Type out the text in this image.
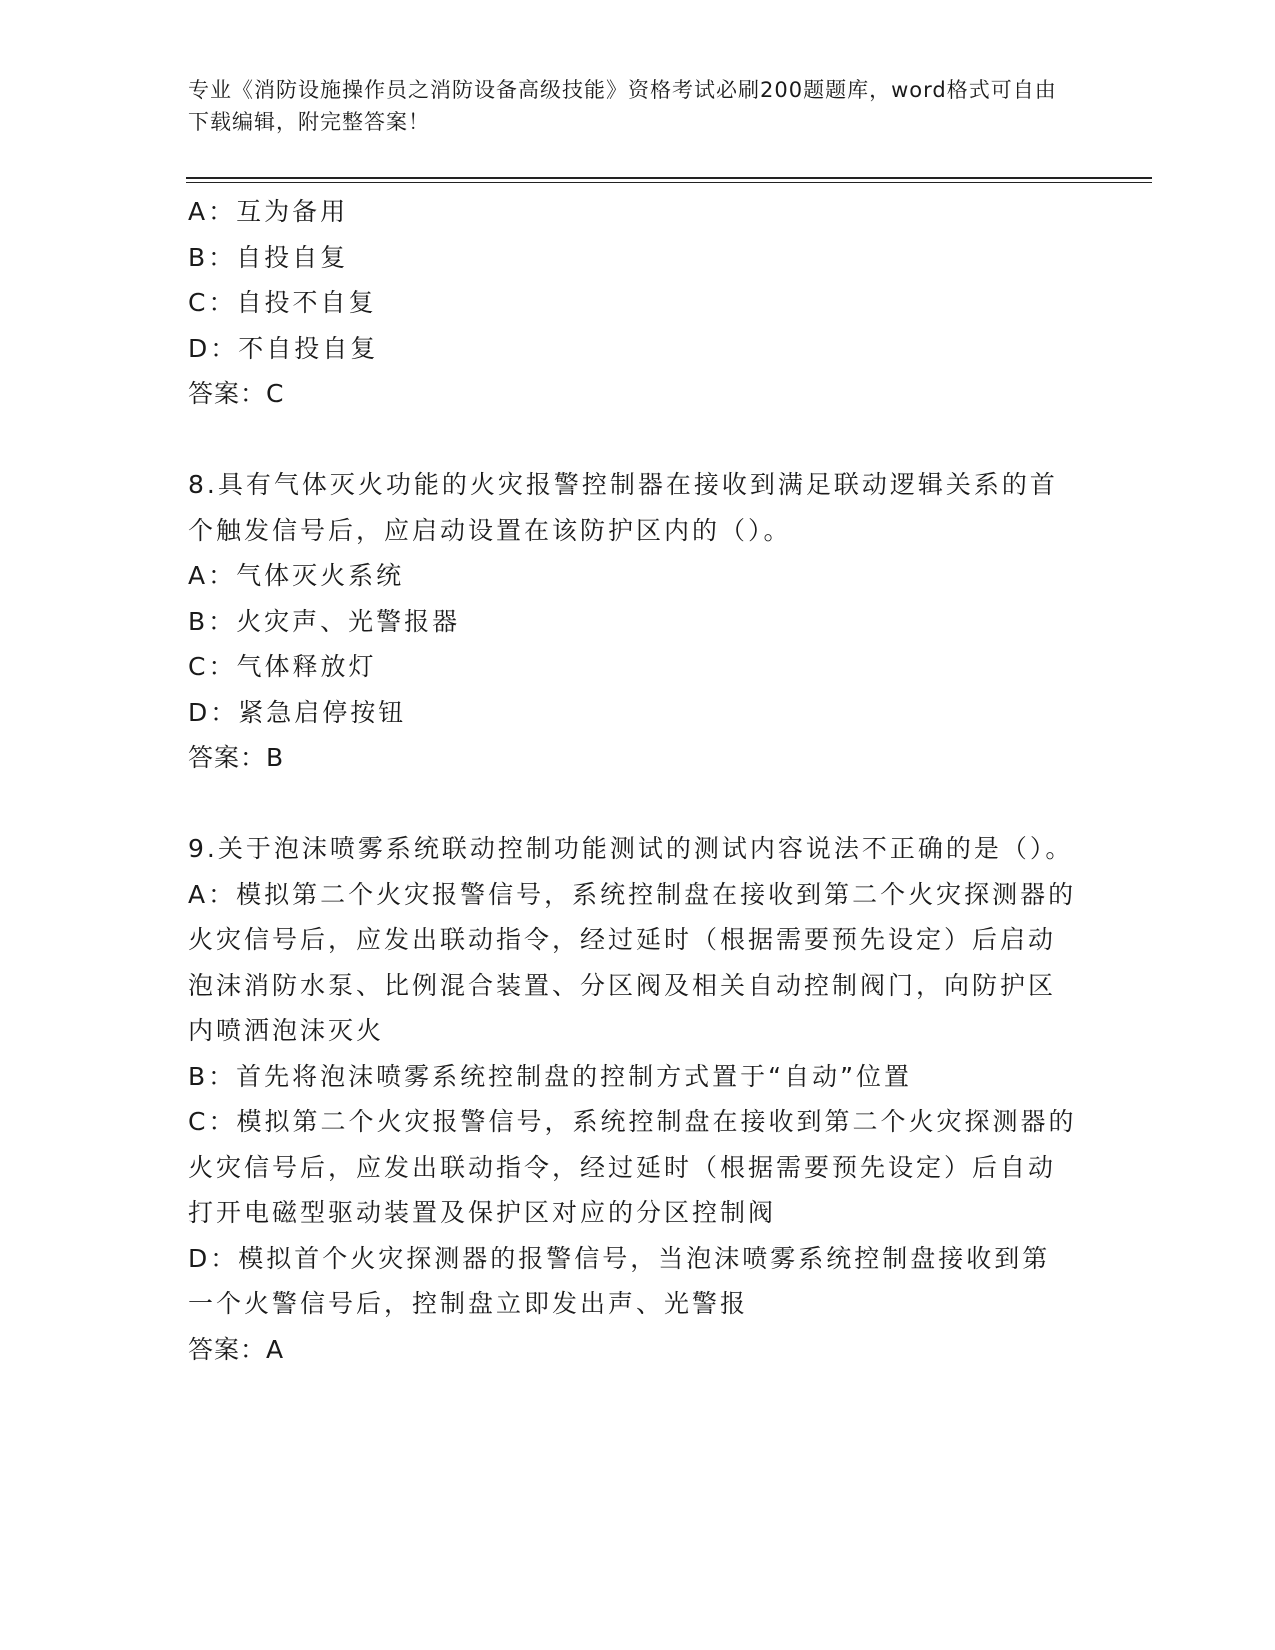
专业《消防设施操作员之消防设备高级技能》资格考试必刷200题题库，word格式可自由下载编辑，附完整答案！
A：互为备用
B：自投自复
C：自投不自复
D：不自投自复
答案：C
8.具有气体灭火功能的火灾报警控制器在接收到满足联动逻辑关系的首个触发信号后，应启动设置在该防护区内的（）。
A：气体灭火系统
B：火灾声、光警报器
C：气体释放灯
D：紧急启停按钮
答案：B
9.关于泡沫喷雾系统联动控制功能测试的测试内容说法不正确的是（）。
A：模拟第二个火灾报警信号，系统控制盘在接收到第二个火灾探测器的火灾信号后，应发出联动指令，经过延时（根据需要预先设定）后启动泡沫消防水泵、比例混合装置、分区阀及相关自动控制阀门，向防护区内喷洒泡沫灭火
B：首先将泡沫喷雾系统控制盘的控制方式置于“自动”位置
C：模拟第二个火灾报警信号，系统控制盘在接收到第二个火灾探测器的火灾信号后，应发出联动指令，经过延时（根据需要预先设定）后自动打开电磁型驱动装置及保护区对应的分区控制阀
D：模拟首个火灾探测器的报警信号，当泡沫喷雾系统控制盘接收到第一个火警信号后，控制盘立即发出声、光警报
答案：A
